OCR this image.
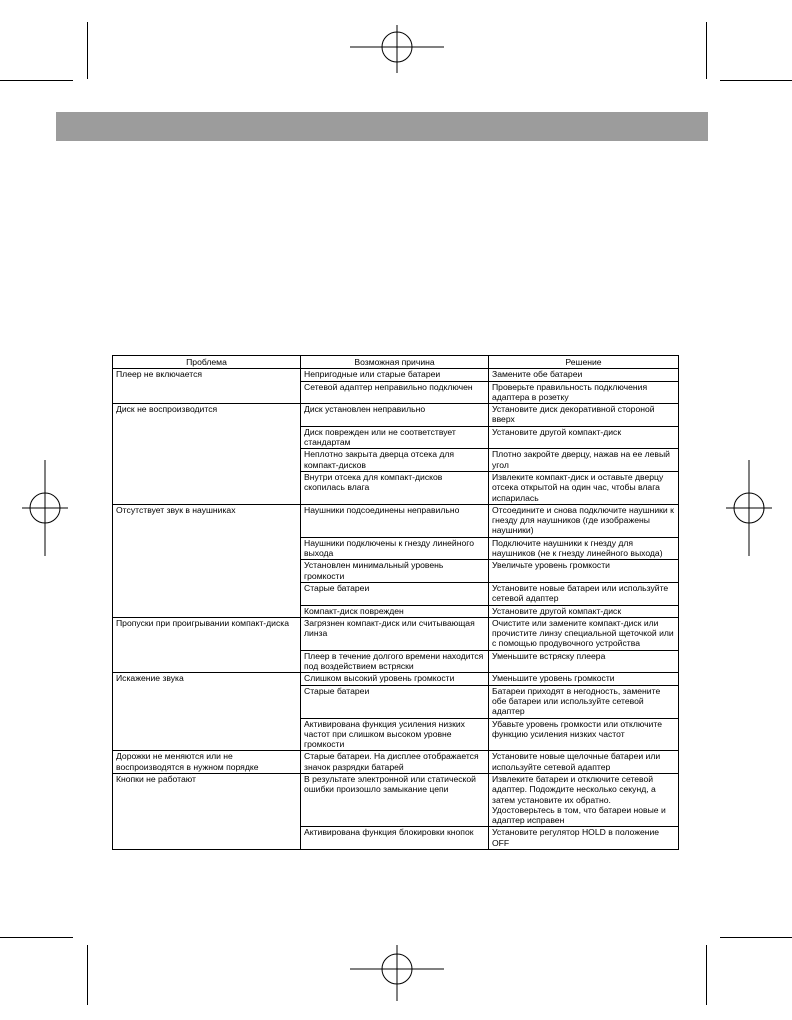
Проблема	Возможная причина	Решение
Плеер не включается	Непригодные или старые батареи	Замените обе батареи
	Сетевой адаптер неправильно подключен	Проверьте правильность подключения адаптера в розетку
Диск не воспроизводится	Диск установлен неправильно	Установите диск декоративной стороной вверх
	Диск поврежден или не соответствует стандартам	Установите другой компакт-диск
	Неплотно закрыта дверца отсека для компакт-дисков	Плотно закройте дверцу, нажав на ее левый угол
	Внутри отсека для компакт-дисков скопилась влага	Извлеките компакт-диск и оставьте дверцу отсека открытой на один час, чтобы влага испарилась
Отсутствует звук в наушниках	Наушники подсоединены неправильно	Отсоедините и снова подключите наушники к гнезду для наушников (где изображены наушники)
	Наушники подключены к гнезду линейного выхода	Подключите наушники к гнезду для наушников (не к гнезду линейного выхода)
	Установлен минимальный уровень громкости	Увеличьте уровень громкости
	Старые батареи	Установите новые батареи или используйте сетевой адаптер
	Компакт-диск поврежден	Установите другой компакт-диск
Пропуски при проигрывании компакт-диска	Загрязнен компакт-диск или считывающая линза	Очистите или замените компакт-диск или прочистите линзу специальной щеточкой или с помощью продувочного устройства
	Плеер в течение долгого времени находится под воздействием встряски	Уменьшите встряску плеера
Искажение звука	Слишком высокий уровень громкости	Уменьшите уровень громкости
	Старые батареи	Батареи приходят в негодность, замените обе батареи или используйте сетевой адаптер
	Активирована функция усиления низких частот при слишком высоком уровне громкости	Убавьте уровень громкости или отключите функцию усиления низких частот
Дорожки не меняются или не воспроизводятся в нужном порядке	Старые батареи. На дисплее отображается значок разрядки батарей	Установите новые щелочные батареи или используйте сетевой адаптер
Кнопки не работают	В результате электронной или статической ошибки произошло замыкание цепи	Извлеките батареи и отключите сетевой адаптер. Подождите несколько секунд, а затем установите их обратно. Удостоверьтесь в том, что батареи новые и адаптер исправен
	Активирована функция блокировки кнопок	Установите регулятор HOLD в положение OFF
